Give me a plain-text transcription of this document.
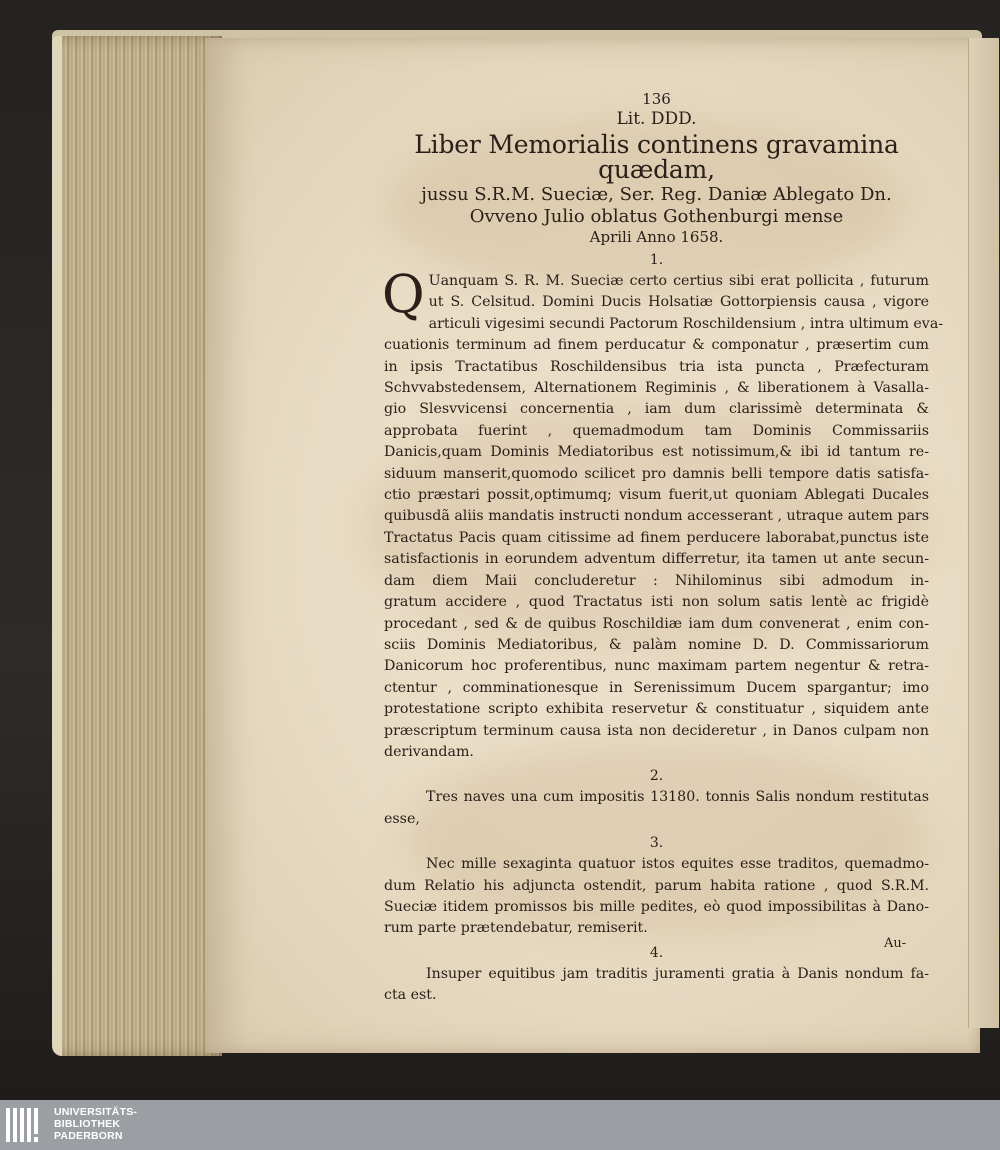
136
Lit. DDD.
Liber Memorialis continens gravamina quædam,
jussu S.R.M. Sueciæ, Ser. Reg. Daniæ Ablegato Dn.
Ovveno Julio oblatus Gothenburgi mense
Aprili Anno 1658.
1.
Q Uanquam S. R. M. Sueciæ certo certius sibi erat pollicita , futurum
ut S. Celsitud. Domini Ducis Holsatiæ Gottorpiensis causa , vigore
articuli vigesimi secundi Pactorum Roschildensium , intra ultimum eva-
cuationis terminum ad finem perducatur & componatur , præsertim cum
in ipsis Tractatibus Roschildensibus tria ista puncta , Præfecturam
Schvvabstedensem, Alternationem Regiminis , & liberationem à Vasalla-
gio Slesvvicensi concernentia , iam dum clarissimè determinata &
approbata fuerint , quemadmodum tam Dominis Commissariis
Danicis,quam Dominis Mediatoribus est notissimum,& ibi id tantum re-
siduum manserit,quomodo scilicet pro damnis belli tempore datis satisfa-
ctio præstari possit,optimumq; visum fuerit,ut quoniam Ablegati Ducales
quibusdã aliis mandatis instructi nondum accesserant , utraque autem pars
Tractatus Pacis quam citissime ad finem perducere laborabat,punctus iste
satisfactionis in eorundem adventum differretur, ita tamen ut ante secun-
dam diem Maii concluderetur : Nihilominus sibi admodum in-
gratum accidere , quod Tractatus isti non solum satis lentè ac frigidè
procedant , sed & de quibus Roschildiæ iam dum convenerat , enim con-
sciis Dominis Mediatoribus, & palàm nomine D. D. Commissariorum
Danicorum hoc proferentibus, nunc maximam partem negentur & retra-
ctentur , comminationesque in Serenissimum Ducem spargantur; imo
protestatione scripto exhibita reservetur & constituatur , siquidem ante
præscriptum terminum causa ista non decideretur , in Danos culpam non
derivandam.
2.
Tres naves una cum impositis 13180. tonnis Salis nondum restitutas
esse,
3.
Nec mille sexaginta quatuor istos equites esse traditos, quemadmo-
dum Relatio his adjuncta ostendit, parum habita ratione , quod S.R.M.
Sueciæ itidem promissos bis mille pedites, eò quod impossibilitas à Dano-
rum parte prætendebatur, remiserit.
4.
Insuper equitibus jam traditis juramenti gratia à Danis nondum fa-
cta est.
Au-
UNIVERSITÄTS-
BIBLIOTHEK
PADERBORN
